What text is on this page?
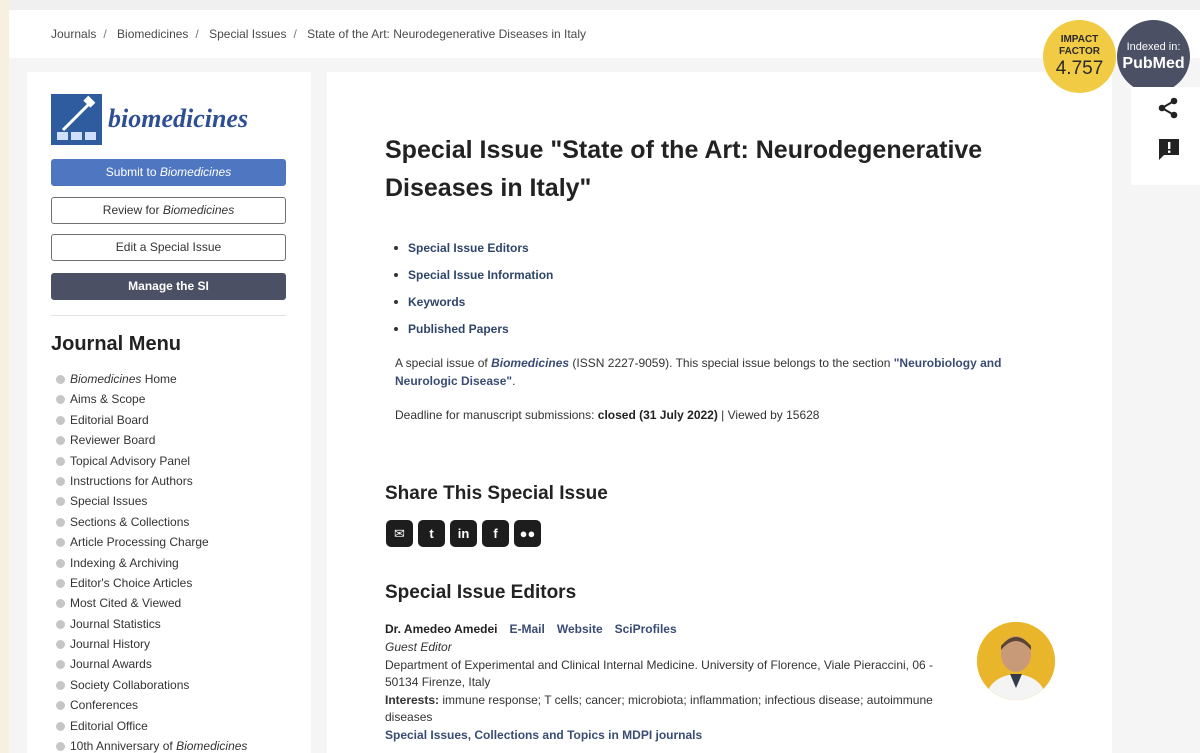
Journals / Biomedicines / Special Issues / State of the Art: Neurodegenerative Diseases in Italy
biomedicines
Submit to Biomedicines
Review for Biomedicines
Edit a Special Issue
Manage the SI
Journal Menu
Biomedicines Home
Aims & Scope
Editorial Board
Reviewer Board
Topical Advisory Panel
Instructions for Authors
Special Issues
Sections & Collections
Article Processing Charge
Indexing & Archiving
Editor's Choice Articles
Most Cited & Viewed
Journal Statistics
Journal History
Journal Awards
Society Collaborations
Conferences
Editorial Office
10th Anniversary of Biomedicines
Special Issue "State of the Art: Neurodegenerative Diseases in Italy"
Special Issue Editors
Special Issue Information
Keywords
Published Papers

A special issue of Biomedicines (ISSN 2227-9059). This special issue belongs to the section "Neurobiology and Neurologic Disease".

Deadline for manuscript submissions: closed (31 July 2022) | Viewed by 15628

Share This Special Issue
✉ t in f ●●
Special Issue Editors
Dr. Amedeo Amedei E-Mail Website SciProfiles
Guest Editor
Department of Experimental and Clinical Internal Medicine. University of Florence, Viale Pieraccini, 06 - 50134 Firenze, Italy
Interests: immune response; T cells; cancer; microbiota; inflammation; infectious disease; autoimmune diseases
Special Issues, Collections and Topics in MDPI journals
IMPACT
FACTOR
4.757
Indexed in:
PubMed
